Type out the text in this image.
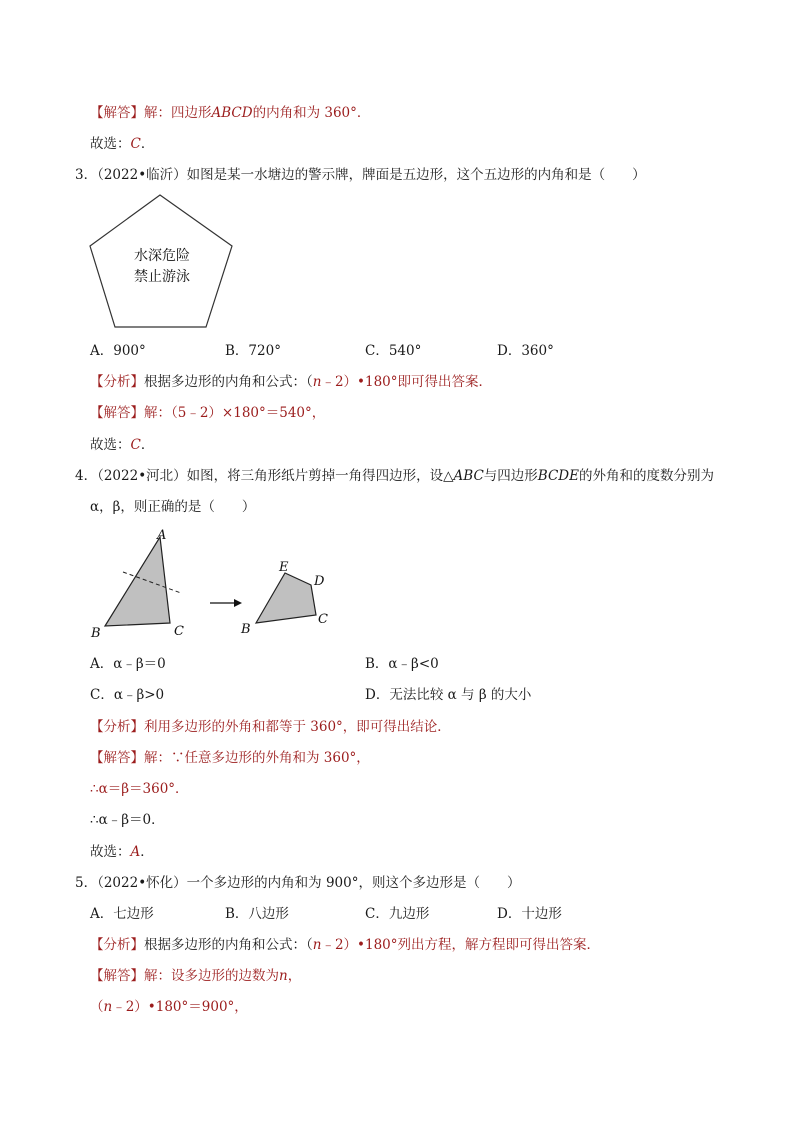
【解答】解：四边形ABCD的内角和为 360°．
故选：C．
3．（2022•临沂）如图是某一水塘边的警示牌，牌面是五边形，这个五边形的内角和是（　　）
水深危险
禁止游泳
A．900°	B．720°	C．540°	D．360°
【分析】根据多边形的内角和公式：（n﹣2）•180°即可得出答案．
【解答】解：（5﹣2）×180°＝540°，
故选：C．
4．（2022•河北）如图，将三角形纸片剪掉一角得四边形，设△ABC与四边形BCDE的外角和的度数分别为
α，β，则正确的是（　　）
A
B	C
E
D
B
C
A．α﹣β＝0	B．α﹣β<0
C．α﹣β>0	D．无法比较 α 与 β 的大小
【分析】利用多边形的外角和都等于 360°，即可得出结论．
【解答】解：∵任意多边形的外角和为 360°，
∴α＝β＝360°．
∴α﹣β＝0．
故选：A．
5．（2022•怀化）一个多边形的内角和为 900°，则这个多边形是（　　）
A．七边形	B．八边形	C．九边形	D．十边形
【分析】根据多边形的内角和公式：（n﹣2）•180°列出方程，解方程即可得出答案．
【解答】解：设多边形的边数为n，
（n﹣2）•180°＝900°，
